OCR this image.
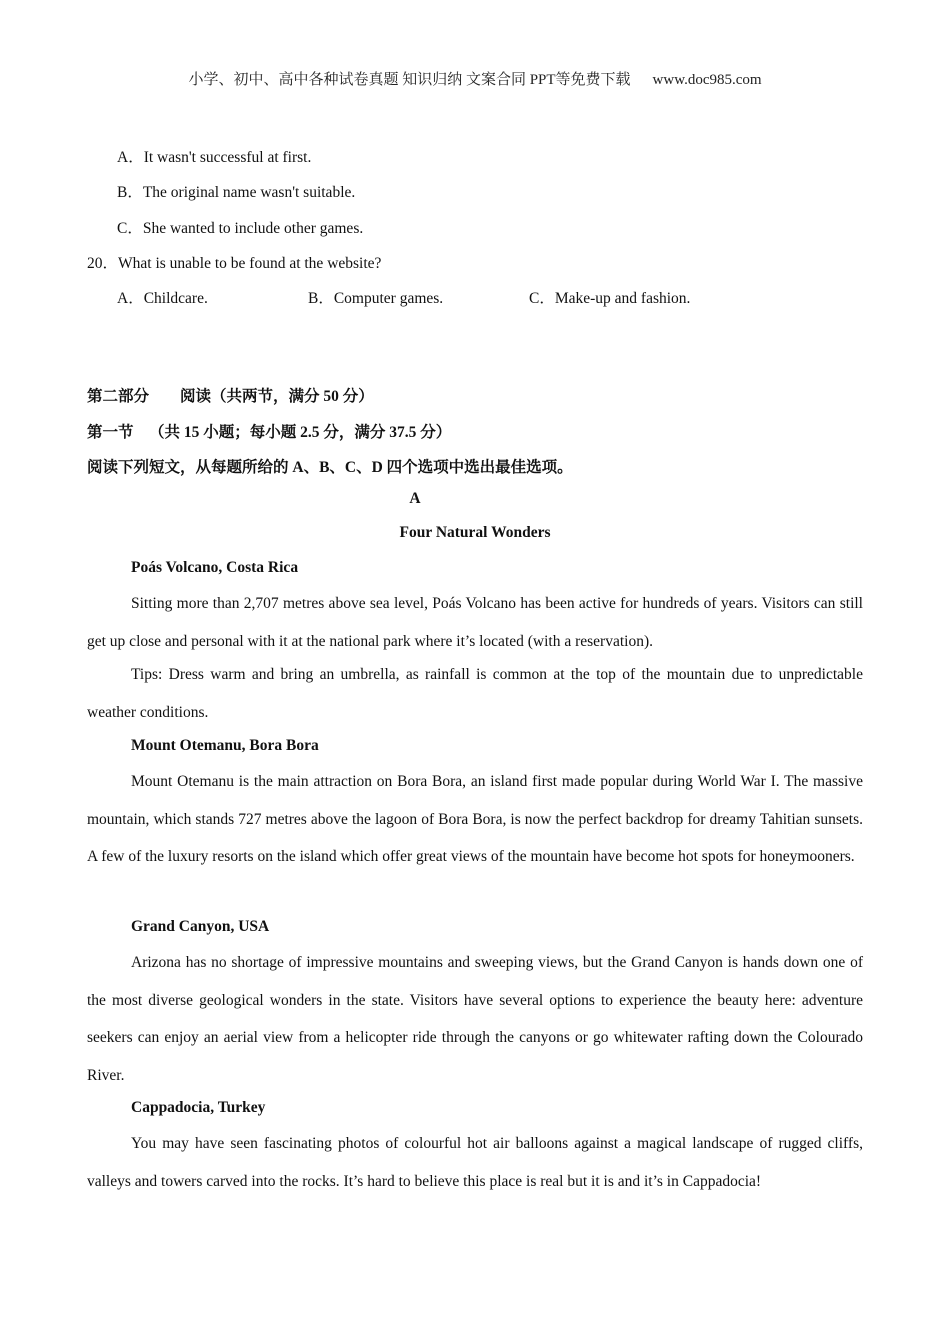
小学、初中、高中各种试卷真题 知识归纳 文案合同 PPT等免费下载 www.doc985.com
A．It wasn't successful at first.
B．The original name wasn't suitable.
C．She wanted to include other games.
20．What is unable to be found at the website?
A．Childcare.	B．Computer games.	C．Make-up and fashion.
第二部分        阅读（共两节，满分 50 分）
第一节    （共 15 小题；每小题 2.5 分，满分 37.5 分）
阅读下列短文，从每题所给的 A、B、C、D 四个选项中选出最佳选项。
A
Four Natural Wonders
Poás Volcano, Costa Rica
Sitting more than 2,707 metres above sea level, Poás Volcano has been active for hundreds of years. Visitors can still get up close and personal with it at the national park where it’s located (with a reservation).
Tips: Dress warm and bring an umbrella, as rainfall is common at the top of the mountain due to unpredictable weather conditions.
Mount Otemanu, Bora Bora
Mount Otemanu is the main attraction on Bora Bora, an island first made popular during World War I. The massive mountain, which stands 727 metres above the lagoon of Bora Bora, is now the perfect backdrop for dreamy Tahitian sunsets. A few of the luxury resorts on the island which offer great views of the mountain have become hot spots for honeymooners.
Grand Canyon, USA
Arizona has no shortage of impressive mountains and sweeping views, but the Grand Canyon is hands down one of the most diverse geological wonders in the state. Visitors have several options to experience the beauty here: adventure seekers can enjoy an aerial view from a helicopter ride through the canyons or go whitewater rafting down the Colourado River.
Cappadocia, Turkey
You may have seen fascinating photos of colourful hot air balloons against a magical landscape of rugged cliffs, valleys and towers carved into the rocks. It’s hard to believe this place is real but it is and it’s in Cappadocia!
